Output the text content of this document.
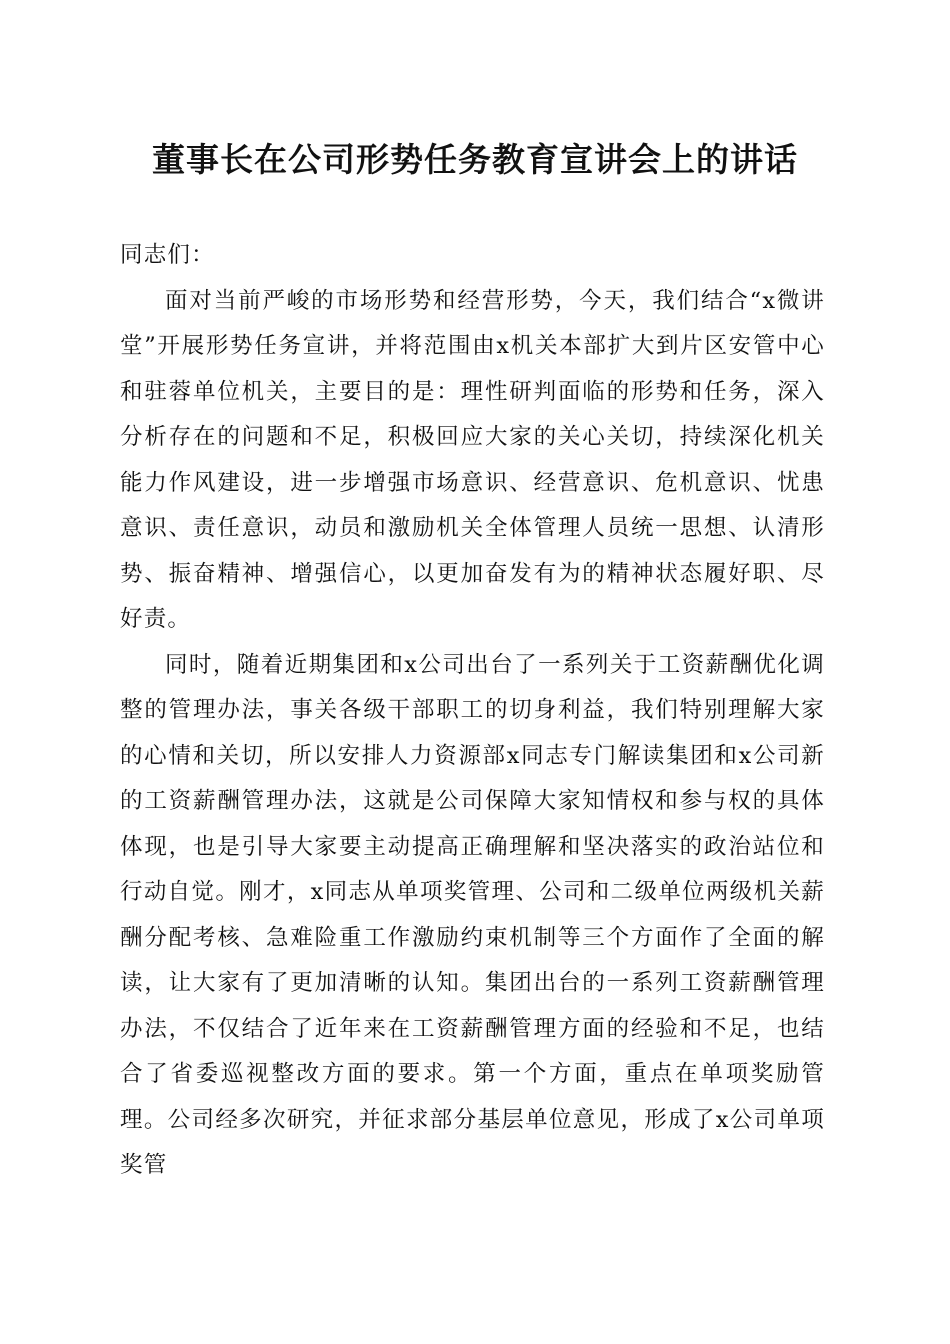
董事长在公司形势任务教育宣讲会上的讲话

同志们：

面对当前严峻的市场形势和经营形势，今天，我们结合“x微讲堂”开展形势任务宣讲，并将范围由x机关本部扩大到片区安管中心和驻蓉单位机关，主要目的是：理性研判面临的形势和任务，深入分析存在的问题和不足，积极回应大家的关心关切，持续深化机关能力作风建设，进一步增强市场意识、经营意识、危机意识、忧患意识、责任意识，动员和激励机关全体管理人员统一思想、认清形势、振奋精神、增强信心，以更加奋发有为的精神状态履好职、尽好责。

同时，随着近期集团和x公司出台了一系列关于工资薪酬优化调整的管理办法，事关各级干部职工的切身利益，我们特别理解大家的心情和关切，所以安排人力资源部x同志专门解读集团和x公司新的工资薪酬管理办法，这就是公司保障大家知情权和参与权的具体体现，也是引导大家要主动提高正确理解和坚决落实的政治站位和行动自觉。刚才，x同志从单项奖管理、公司和二级单位两级机关薪酬分配考核、急难险重工作激励约束机制等三个方面作了全面的解读，让大家有了更加清晰的认知。集团出台的一系列工资薪酬管理办法，不仅结合了近年来在工资薪酬管理方面的经验和不足，也结合了省委巡视整改方面的要求。第一个方面，重点在单项奖励管理。公司经多次研究，并征求部分基层单位意见，形成了x公司单项奖管
